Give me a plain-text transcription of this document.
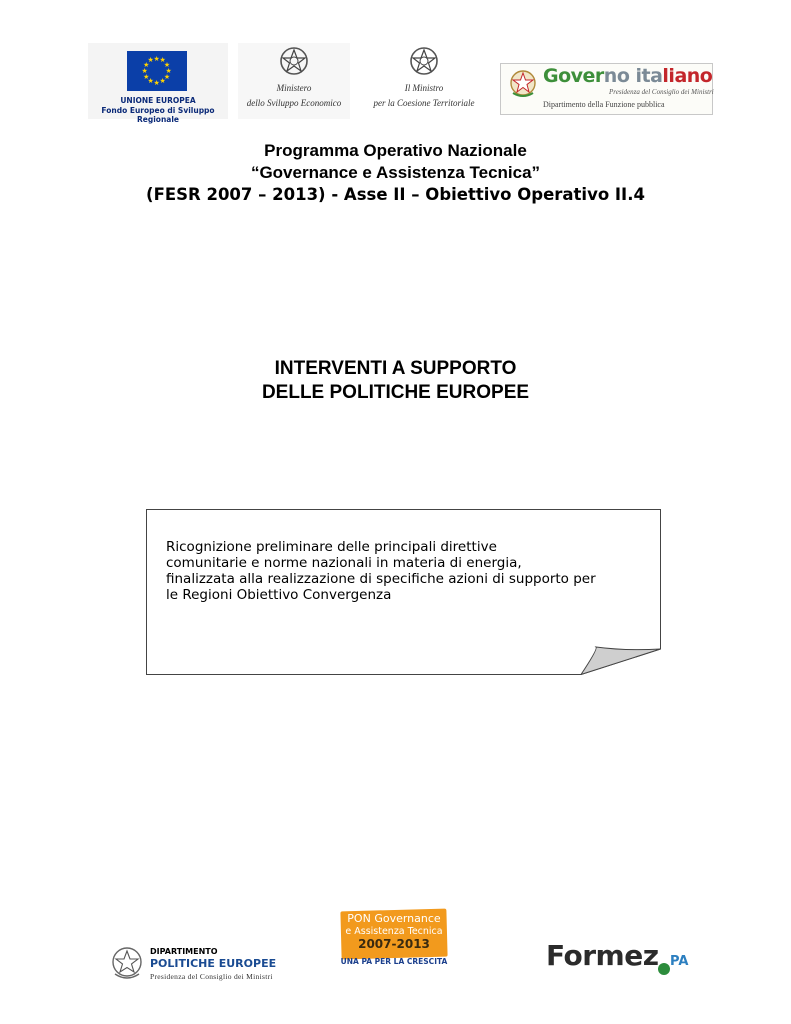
★ ★
★
★
★
★
★
★
★
★
★
★
UNIONE EUROPEA
Fondo Europeo di Sviluppo Regionale
Ministero
dello Sviluppo Economico
Il Ministro
per la Coesione Territoriale
Governo italiano
Presidenza del Consiglio dei Ministri
Dipartimento della Funzione pubblica
Programma Operativo Nazionale
“Governance e Assistenza Tecnica”
(FESR 2007 – 2013) - Asse II – Obiettivo Operativo II.4
INTERVENTI A SUPPORTO
DELLE POLITICHE EUROPEE
Ricognizione preliminare delle principali direttive
comunitarie e norme nazionali in materia di energia,
finalizzata alla realizzazione di specifiche azioni di supporto per
le Regioni Obiettivo Convergenza
DIPARTIMENTO
POLITICHE EUROPEE
Presidenza del Consiglio dei Ministri
PON Governance
e Assistenza Tecnica
2007-2013
UNA PA PER LA CRESCITA	Formez PA
